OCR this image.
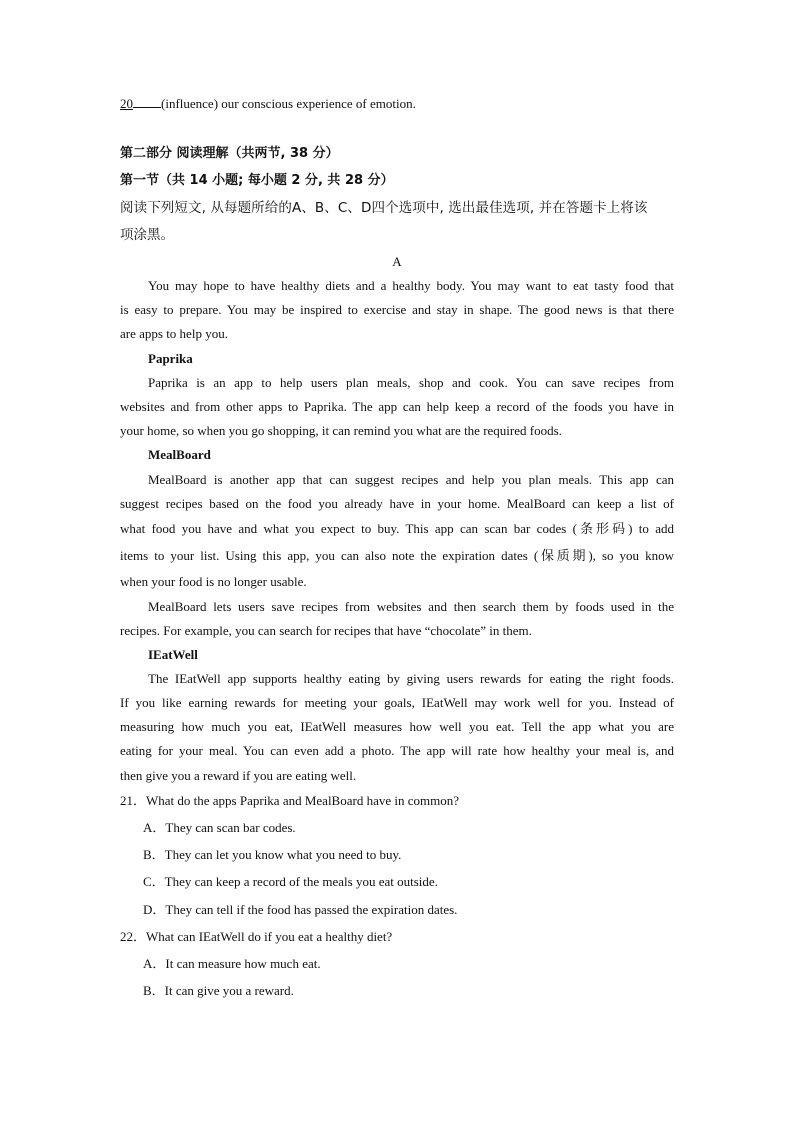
20 (influence) our conscious experience of emotion.
第二部分 阅读理解（共两节, 38 分）
第一节（共 14 小题; 每小题 2 分, 共 28 分）
阅读下列短文, 从每题所给的A、B、C、D四个选项中, 选出最佳选项, 并在答题卡上将该
项涂黑。
A
You may hope to have healthy diets and a healthy body. You may want to eat tasty food that
is easy to prepare. You may be inspired to exercise and stay in shape. The good news is that there
are apps to help you.
Paprika
Paprika is an app to help users plan meals, shop and cook. You can save recipes from
websites and from other apps to Paprika. The app can help keep a record of the foods you have in
your home, so when you go shopping, it can remind you what are the required foods.
MealBoard
MealBoard is another app that can suggest recipes and help you plan meals. This app can
suggest recipes based on the food you already have in your home. MealBoard can keep a list of
what food you have and what you expect to buy. This app can scan bar codes (条形码) to add
items to your list. Using this app, you can also note the expiration dates (保质期), so you know
when your food is no longer usable.
MealBoard lets users save recipes from websites and then search them by foods used in the
recipes. For example, you can search for recipes that have “chocolate” in them.
IEatWell
The IEatWell app supports healthy eating by giving users rewards for eating the right foods.
If you like earning rewards for meeting your goals, IEatWell may work well for you. Instead of
measuring how much you eat, IEatWell measures how well you eat. Tell the app what you are
eating for your meal. You can even add a photo. The app will rate how healthy your meal is, and
then give you a reward if you are eating well.
21．What do the apps Paprika and MealBoard have in common?
A．They can scan bar codes.
B．They can let you know what you need to buy.
C．They can keep a record of the meals you eat outside.
D．They can tell if the food has passed the expiration dates.
22．What can IEatWell do if you eat a healthy diet?
A．It can measure how much eat.
B．It can give you a reward.
